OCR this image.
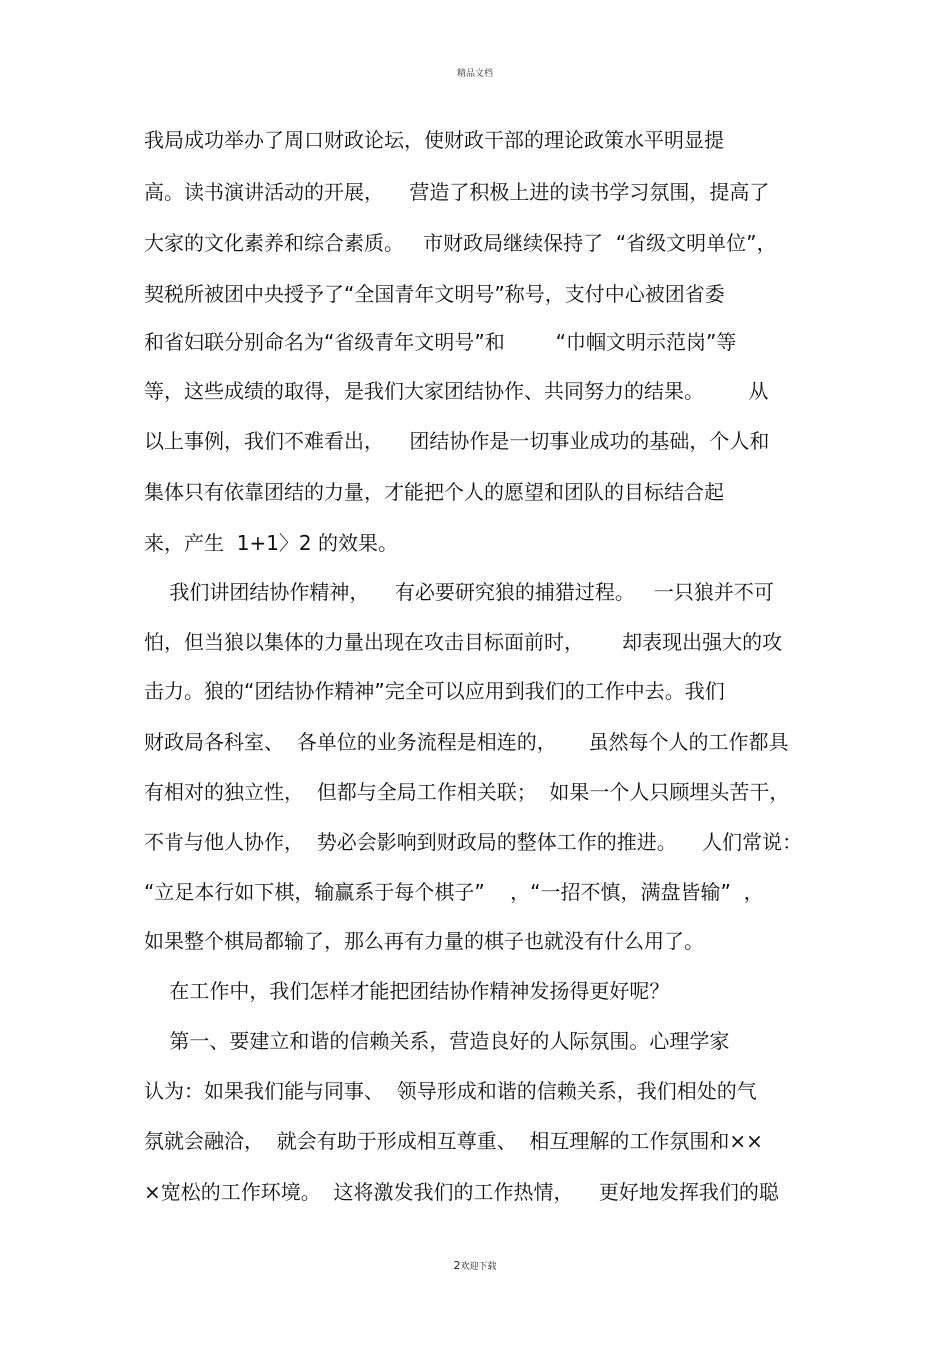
精品文档
我局成功举办了周口财政论坛，使财政干部的理论政策水平明显提
高。读书演讲活动的开展，    营造了积极上进的读书学习氛围，提高了
大家的文化素养和综合素质。   市财政局继续保持了  “省级文明单位”，
契税所被团中央授予了“全国青年文明号”称号，支付中心被团省委
和省妇联分别命名为“省级青年文明号”和        “巾帼文明示范岗”等
等，这些成绩的取得，是我们大家团结协作、共同努力的结果。       从
以上事例，我们不难看出，    团结协作是一切事业成功的基础，个人和
集体只有依靠团结的力量，才能把个人的愿望和团队的目标结合起
来，产生  1+1〉2 的效果。
我们讲团结协作精神，    有必要研究狼的捕猎过程。   一只狼并不可
怕，但当狼以集体的力量出现在攻击目标面前时，      却表现出强大的攻
击力。狼的“团结协作精神”完全可以应用到我们的工作中去。我们
财政局各科室、  各单位的业务流程是相连的，     虽然每个人的工作都具
有相对的独立性，  但都与全局工作相关联；  如果一个人只顾埋头苦干，
不肯与他人协作，  势必会影响到财政局的整体工作的推进。    人们常说：
“立足本行如下棋，输赢系于每个棋子”    ，“一招不慎，满盘皆输”  ，
如果整个棋局都输了，那么再有力量的棋子也就没有什么用了。
在工作中，我们怎样才能把团结协作精神发扬得更好呢？
第一、要建立和谐的信赖关系，营造良好的人际氛围。心理学家
认为：如果我们能与同事、  领导形成和谐的信赖关系，我们相处的气
氛就会融洽，  就会有助于形成相互尊重、  相互理解的工作氛围和××
×宽松的工作环境。  这将激发我们的工作热情，    更好地发挥我们的聪
2欢迎下载
